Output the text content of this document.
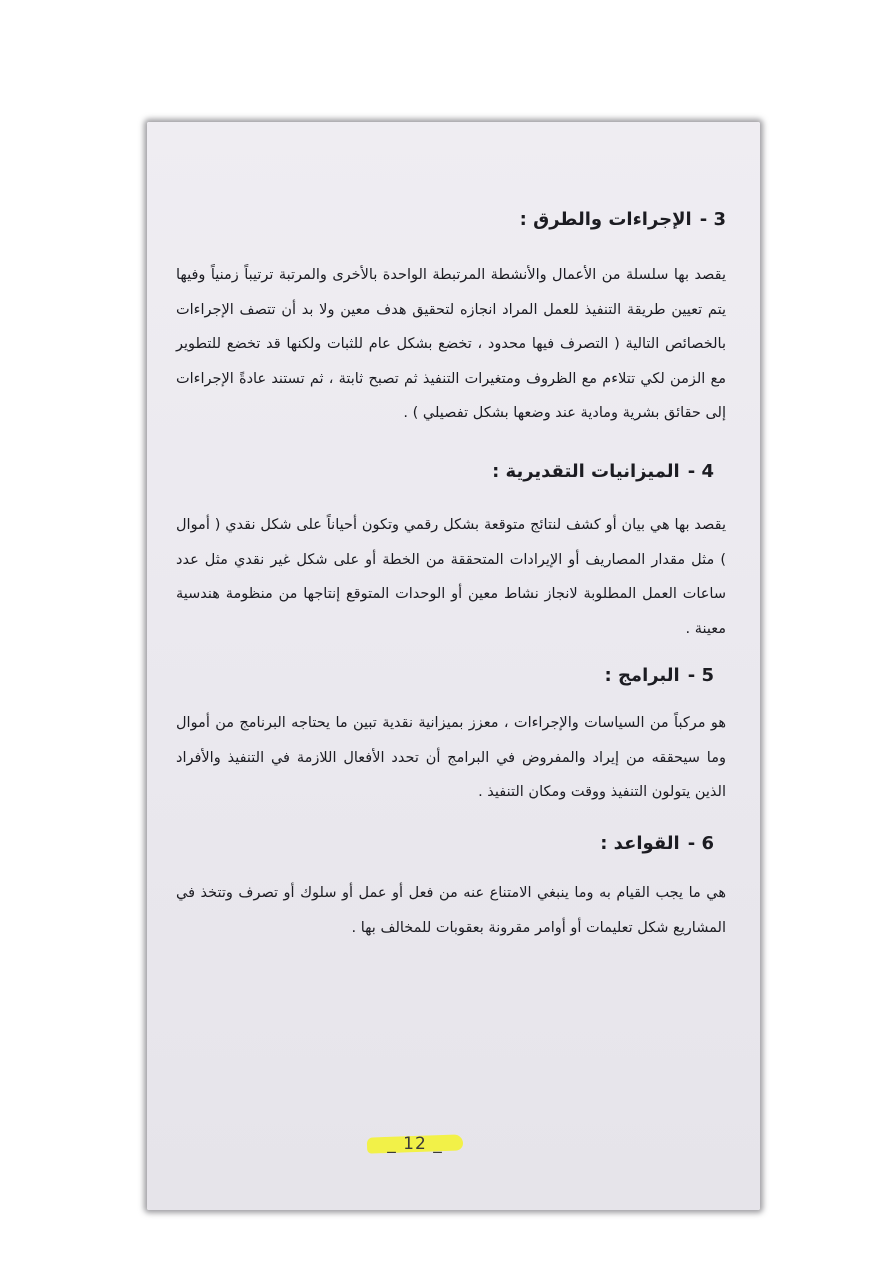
3 -الإجراءات والطرق :

يقصد بها سلسلة من الأعمال والأنشطة المرتبطة الواحدة بالأخرى والمرتبة ترتيباً زمنياً وفيها يتم تعيين طريقة التنفيذ للعمل المراد انجازه لتحقيق هدف معين ولا بد أن تتصف الإجراءات بالخصائص التالية ( التصرف فيها محدود ، تخضع بشكل عام للثبات ولكنها قد تخضع للتطوير مع الزمن لكي تتلاءم مع الظروف ومتغيرات التنفيذ ثم تصبح ثابتة ، ثم تستند عادةً الإجراءات إلى حقائق بشرية ومادية عند وضعها بشكل تفصيلي ) .

4 -الميزانيات التقديرية :

يقصد بها هي بيان أو كشف لنتائج متوقعة بشكل رقمي وتكون أحياناً على شكل نقدي ( أموال ) مثل مقدار المصاريف أو الإيرادات المتحققة من الخطة أو على شكل غير نقدي مثل عدد ساعات العمل المطلوبة لانجاز نشاط معين أو الوحدات المتوقع إنتاجها من منظومة هندسية معينة .

5 -البرامج :

هو مركباً من السياسات والإجراءات ، معزز بميزانية نقدية تبين ما يحتاجه البرنامج من أموال وما سيحققه من إيراد والمفروض في البرامج أن تحدد الأفعال اللازمة في التنفيذ والأفراد الذين يتولون التنفيذ ووقت ومكان التنفيذ .

6 -القواعد :

هي ما يجب القيام به وما ينبغي الامتناع عنه من فعل أو عمل أو سلوك أو تصرف وتتخذ في المشاريع شكل تعليمات أو أوامر مقرونة بعقوبات للمخالف بها .

_ 12 _
